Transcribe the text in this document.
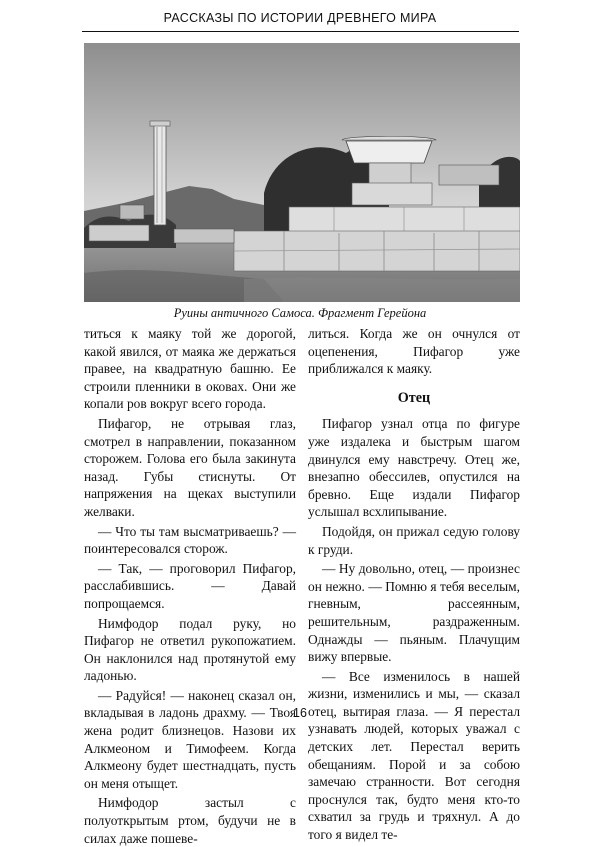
РАССКАЗЫ ПО ИСТОРИИ ДРЕВНЕГО МИРА
Руины античного Самоса. Фрагмент Герейона

титься к маяку той же дорогой, какой явился, от маяка же держаться правее, на квадратную башню. Ее строили пленники в оковах. Они же копали ров вокруг всего города.

Пифагор, не отрывая глаз, смотрел в направлении, показанном сторожем. Голова его была закинута назад. Губы стиснуты. От напряжения на щеках выступили желваки.

— Что ты там высматриваешь? — поинтересовался сторож.

— Так, — проговорил Пифагор, расслабившись. — Давай попрощаемся.

Нимфодор подал руку, но Пифагор не ответил рукопожатием. Он наклонился над протянутой ему ладонью.

— Радуйся! — наконец сказал он, вкладывая в ладонь драхму. — Твоя жена родит близнецов. Назови их Алкмеоном и Тимофеем. Когда Алкмеону будет шестнадцать, пусть он меня отыщет.

Нимфодор застыл с полуоткрытым ртом, будучи не в силах даже пошеве-

литься. Когда же он очнулся от оцепенения, Пифагор уже приближался к маяку.

Отец

Пифагор узнал отца по фигуре уже издалека и быстрым шагом двинулся ему навстречу. Отец же, внезапно обессилев, опустился на бревно. Еще издали Пифагор услышал всхлипывание.

Подойдя, он прижал седую голову к груди.

— Ну довольно, отец, — произнес он нежно. — Помню я тебя веселым, гневным, рассеянным, решительным, раздраженным. Однажды — пьяным. Плачущим вижу впервые.

— Все изменилось в нашей жизни, изменились и мы, — сказал отец, вытирая глаза. — Я перестал узнавать людей, которых уважал с детских лет. Перестал верить обещаниям. Порой и за собою замечаю странности. Вот сегодня проснулся так, будто меня кто-то схватил за грудь и тряхнул. А до того я видел те-

16
